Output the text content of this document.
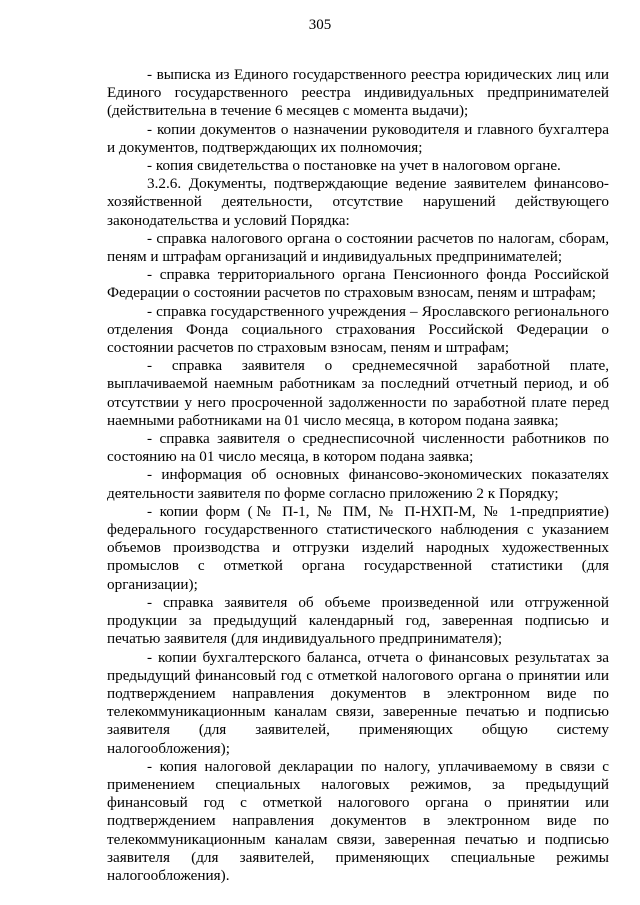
305

- выписка из Единого государственного реестра юридических лиц или Единого государственного реестра индивидуальных предпринимателей (действительна в течение 6 месяцев с момента выдачи);

- копии документов о назначении руководителя и главного бухгалтера и документов, подтверждающих их полномочия;

- копия свидетельства о постановке на учет в налоговом органе.

3.2.6. Документы, подтверждающие ведение заявителем финансово-хозяйственной деятельности, отсутствие нарушений действующего законодательства и условий Порядка:

- справка налогового органа о состоянии расчетов по налогам, сборам, пеням и штрафам организаций и индивидуальных предпринимателей;

- справка территориального органа Пенсионного фонда Российской Федерации о состоянии расчетов по страховым взносам, пеням и штрафам;

- справка государственного учреждения – Ярославского регионального отделения Фонда социального страхования Российской Федерации о состоянии расчетов по страховым взносам, пеням и штрафам;

- справка заявителя о среднемесячной заработной плате, выплачиваемой наемным работникам за последний отчетный период, и об отсутствии у него просроченной задолженности по заработной плате перед наемными работниками на 01 число месяца, в котором подана заявка;

- справка заявителя о среднесписочной численности работников по состоянию на 01 число месяца, в котором подана заявка;

- информация об основных финансово-экономических показателях деятельности заявителя по форме согласно приложению 2 к Порядку;

- копии форм (№ П-1, № ПМ, № П-НХП-М, № 1-предприятие) федерального государственного статистического наблюдения с указанием объемов производства и отгрузки изделий народных художественных промыслов с отметкой органа государственной статистики (для организации);

- справка заявителя об объеме произведенной или отгруженной продукции за предыдущий календарный год, заверенная подписью и печатью заявителя (для индивидуального предпринимателя);

- копии бухгалтерского баланса, отчета о финансовых результатах за предыдущий финансовый год с отметкой налогового органа о принятии или подтверждением направления документов в электронном виде по телекоммуникационным каналам связи, заверенные печатью и подписью заявителя (для заявителей, применяющих общую систему налогообложения);

- копия налоговой декларации по налогу, уплачиваемому в связи с применением специальных налоговых режимов, за предыдущий финансовый год с отметкой налогового органа о принятии или подтверждением направления документов в электронном виде по телекоммуникационным каналам связи, заверенная печатью и подписью заявителя (для заявителей, применяющих специальные режимы налогообложения).
